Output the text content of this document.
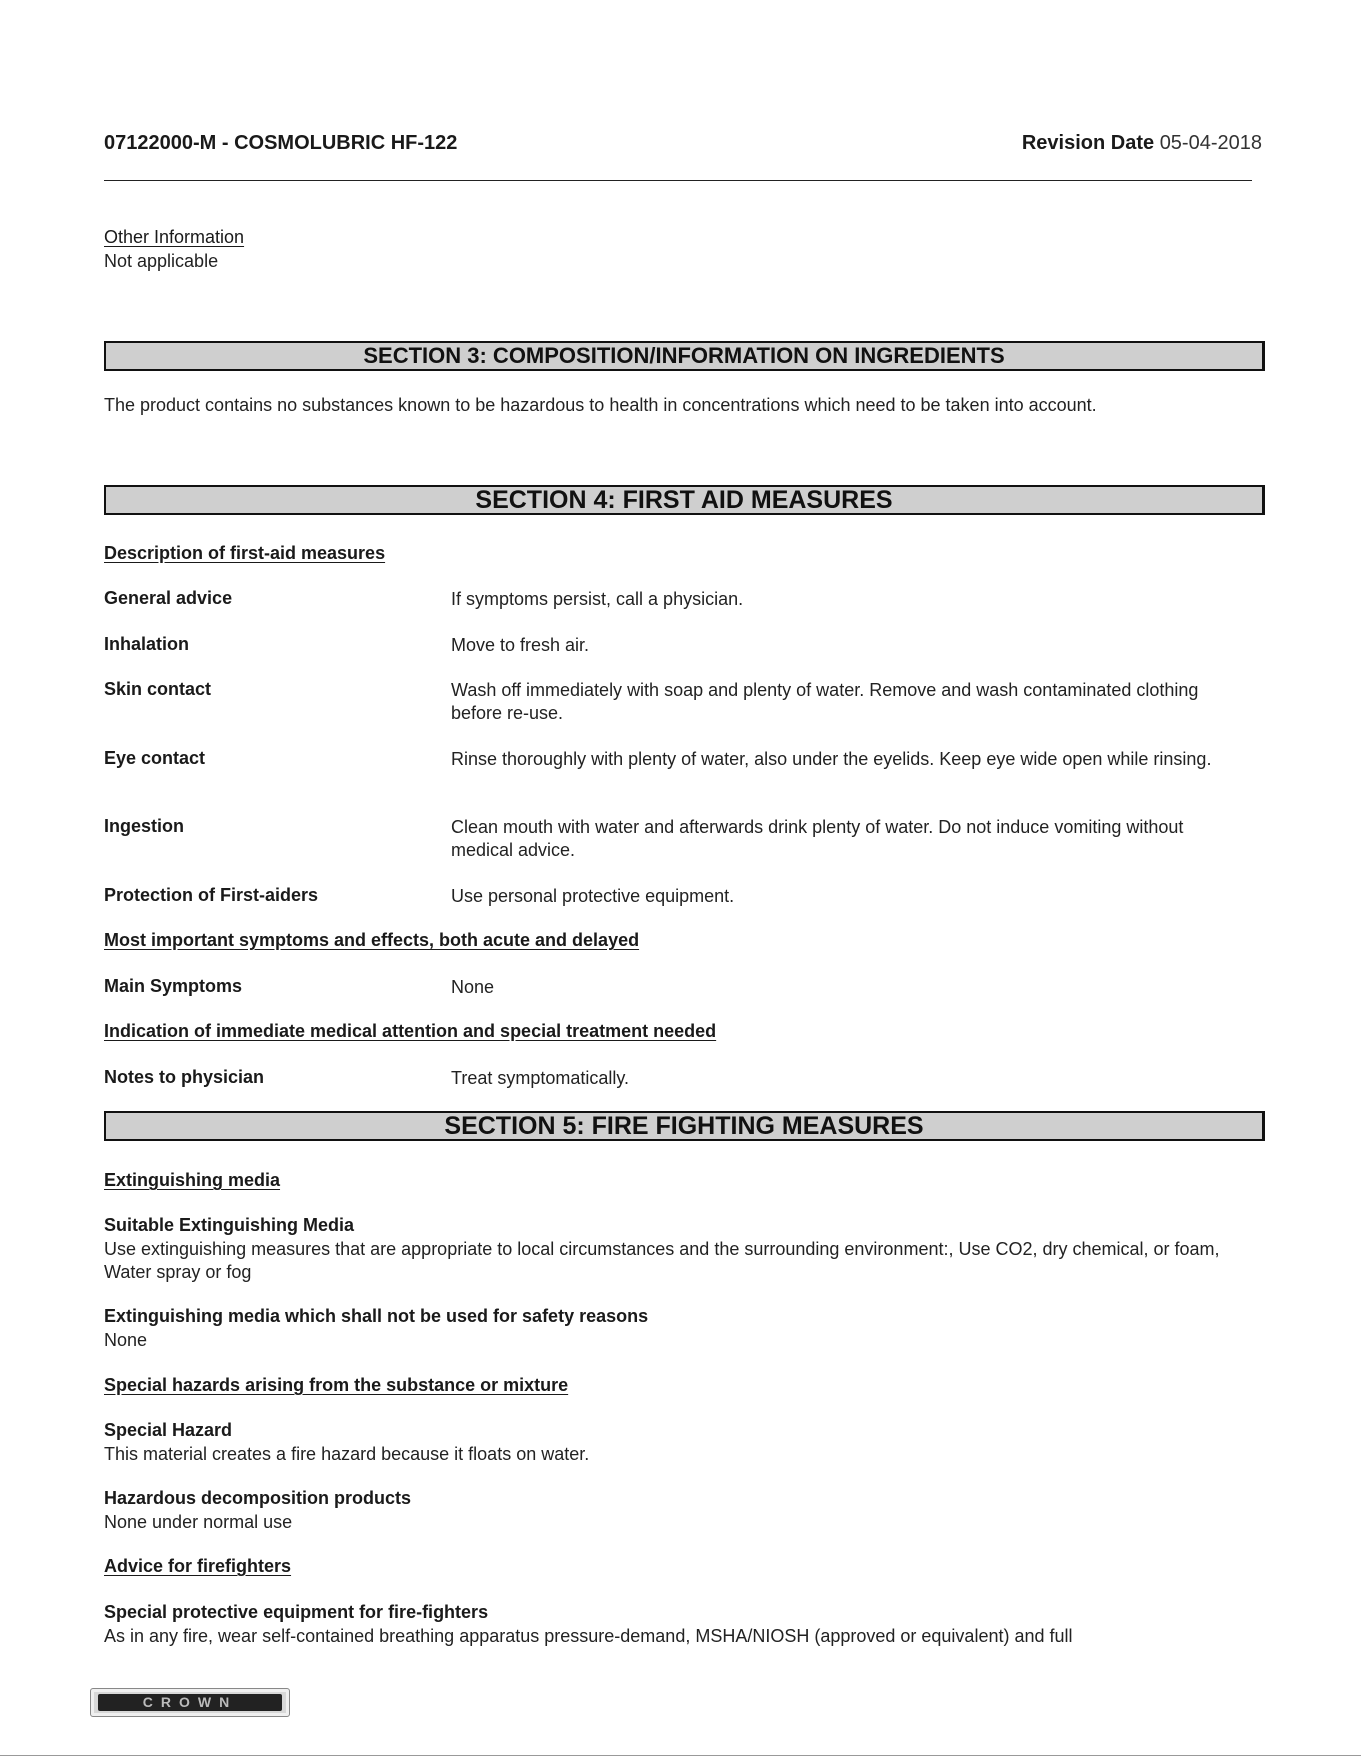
07122000-M - COSMOLUBRIC HF-122	Revision Date 05-04-2018
Other Information
Not applicable
SECTION 3: COMPOSITION/INFORMATION ON INGREDIENTS
The product contains no substances known to be hazardous to health in concentrations which need to be taken into account.
SECTION 4: FIRST AID MEASURES
Description of first-aid measures
General advice	If symptoms persist, call a physician.
Inhalation	Move to fresh air.
Skin contact	Wash off immediately with soap and plenty of water. Remove and wash contaminated clothing before re-use.
Eye contact	Rinse thoroughly with plenty of water, also under the eyelids. Keep eye wide open while rinsing.
Ingestion	Clean mouth with water and afterwards drink plenty of water. Do not induce vomiting without medical advice.
Protection of First-aiders	Use personal protective equipment.
Most important symptoms and effects, both acute and delayed
Main Symptoms	None
Indication of immediate medical attention and special treatment needed
Notes to physician	Treat symptomatically.
SECTION 5: FIRE FIGHTING MEASURES
Extinguishing media
Suitable Extinguishing Media
Use extinguishing measures that are appropriate to local circumstances and the surrounding environment:, Use CO2, dry chemical, or foam, Water spray or fog
Extinguishing media which shall not be used for safety reasons
None
Special hazards arising from the substance or mixture
Special Hazard
This material creates a fire hazard because it floats on water.
Hazardous decomposition products
None under normal use
Advice for firefighters
Special protective equipment for fire-fighters
As in any fire, wear self-contained breathing apparatus pressure-demand, MSHA/NIOSH (approved or equivalent) and full
CROWN
